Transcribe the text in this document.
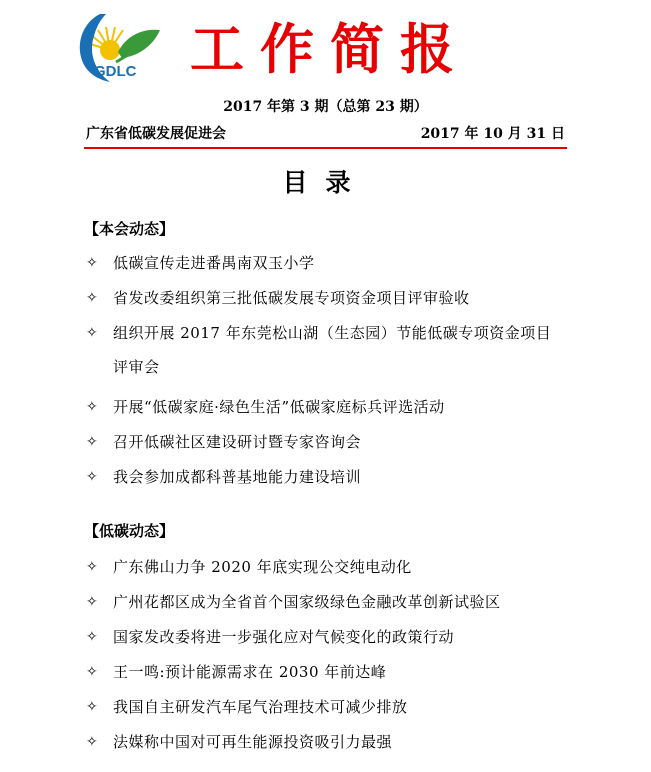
GDLC 工作简报
2017 年第 3 期（总第 23 期）
广东省低碳发展促进会	2017 年 10 月 31 日
目录
【本会动态】
✧	低碳宣传走进番禺南双玉小学
✧	省发改委组织第三批低碳发展专项资金项目评审验收
✧	组织开展 2017 年东莞松山湖（生态园）节能低碳专项资金项目评审会
✧	开展“低碳家庭·绿色生活”低碳家庭标兵评选活动
✧	召开低碳社区建设研讨暨专家咨询会
✧	我会参加成都科普基地能力建设培训
【低碳动态】
✧	广东佛山力争 2020 年底实现公交纯电动化
✧	广州花都区成为全省首个国家级绿色金融改革创新试验区
✧	国家发改委将进一步强化应对气候变化的政策行动
✧	王一鸣:预计能源需求在 2030 年前达峰
✧	我国自主研发汽车尾气治理技术可减少排放
✧	法媒称中国对可再生能源投资吸引力最强
